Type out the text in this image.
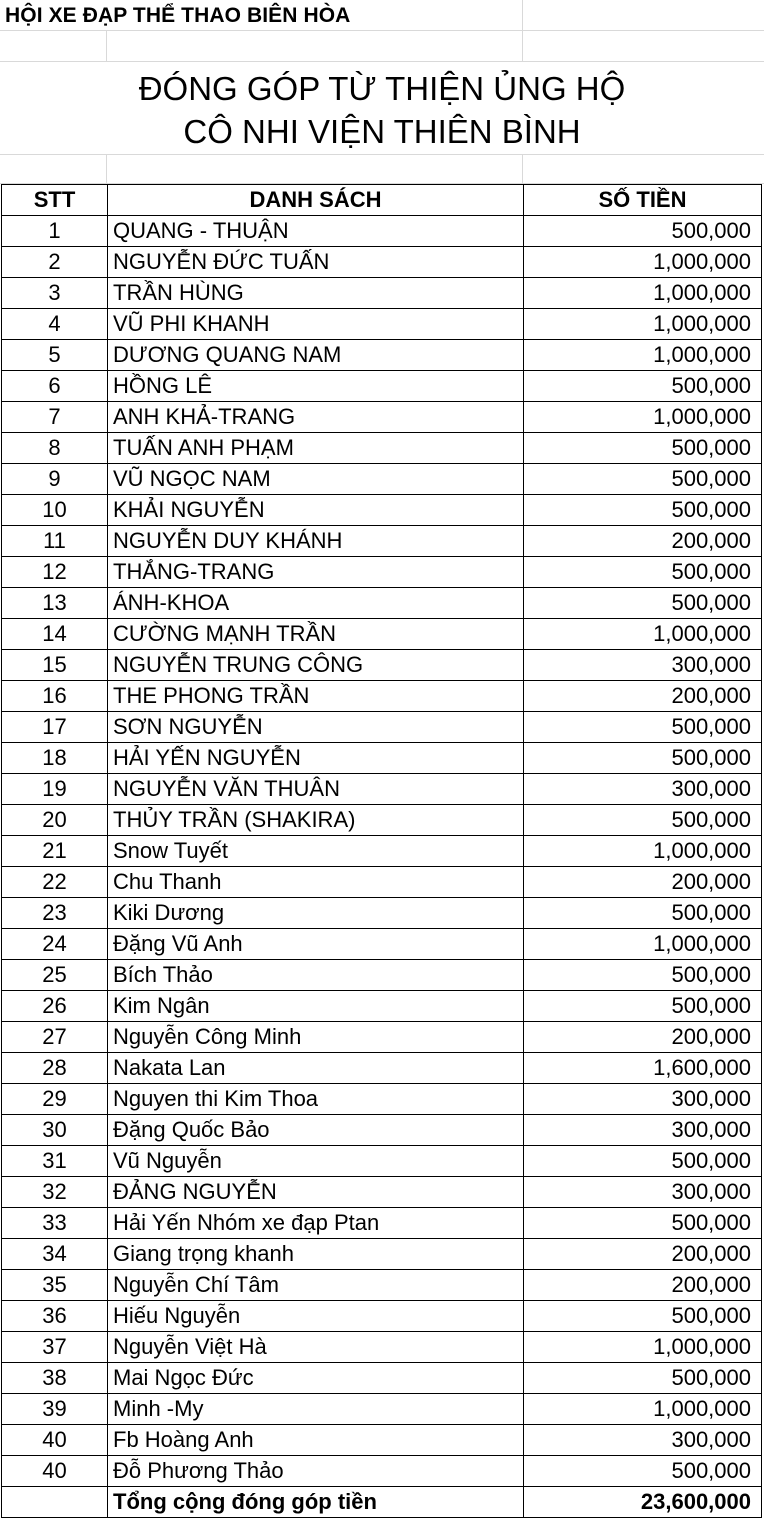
HỘI XE ĐẠP THỂ THAO BIÊN HÒA
ĐÓNG GÓP TỪ THIỆN ỦNG HỘ
CÔ NHI VIỆN THIÊN BÌNH
STT	DANH SÁCH	SỐ TIỀN
1	QUANG - THUẬN	500,000
2	NGUYỄN ĐỨC TUẤN	1,000,000
3	TRẦN HÙNG	1,000,000
4	VŨ PHI KHANH	1,000,000
5	DƯƠNG QUANG NAM	1,000,000
6	HỒNG LÊ	500,000
7	ANH KHẢ-TRANG	1,000,000
8	TUẤN ANH PHẠM	500,000
9	VŨ NGỌC NAM	500,000
10	KHẢI NGUYỄN	500,000
11	NGUYỄN DUY KHÁNH	200,000
12	THẮNG-TRANG	500,000
13	ÁNH-KHOA	500,000
14	CƯỜNG MẠNH TRẦN	1,000,000
15	NGUYỄN TRUNG CÔNG	300,000
16	THE PHONG TRẦN	200,000
17	SƠN NGUYỄN	500,000
18	HẢI YẾN NGUYỄN	500,000
19	NGUYỄN VĂN THUÂN	300,000
20	THỦY TRẦN (SHAKIRA)	500,000
21	Snow Tuyết	1,000,000
22	Chu Thanh	200,000
23	Kiki Dương	500,000
24	Đặng Vũ Anh	1,000,000
25	Bích Thảo	500,000
26	Kim Ngân	500,000
27	Nguyễn Công Minh	200,000
28	Nakata Lan	1,600,000
29	Nguyen thi Kim Thoa	300,000
30	Đặng Quốc Bảo	300,000
31	Vũ Nguyễn	500,000
32	ĐẢNG NGUYỄN	300,000
33	Hải Yến Nhóm xe đạp Ptan	500,000
34	Giang trọng khanh	200,000
35	Nguyễn Chí Tâm	200,000
36	Hiếu Nguyễn	500,000
37	Nguyễn Việt Hà	1,000,000
38	Mai Ngọc Đức	500,000
39	Minh -My	1,000,000
40	Fb Hoàng Anh	300,000
40	Đỗ Phương Thảo	500,000
	Tổng cộng đóng góp tiền	23,600,000
